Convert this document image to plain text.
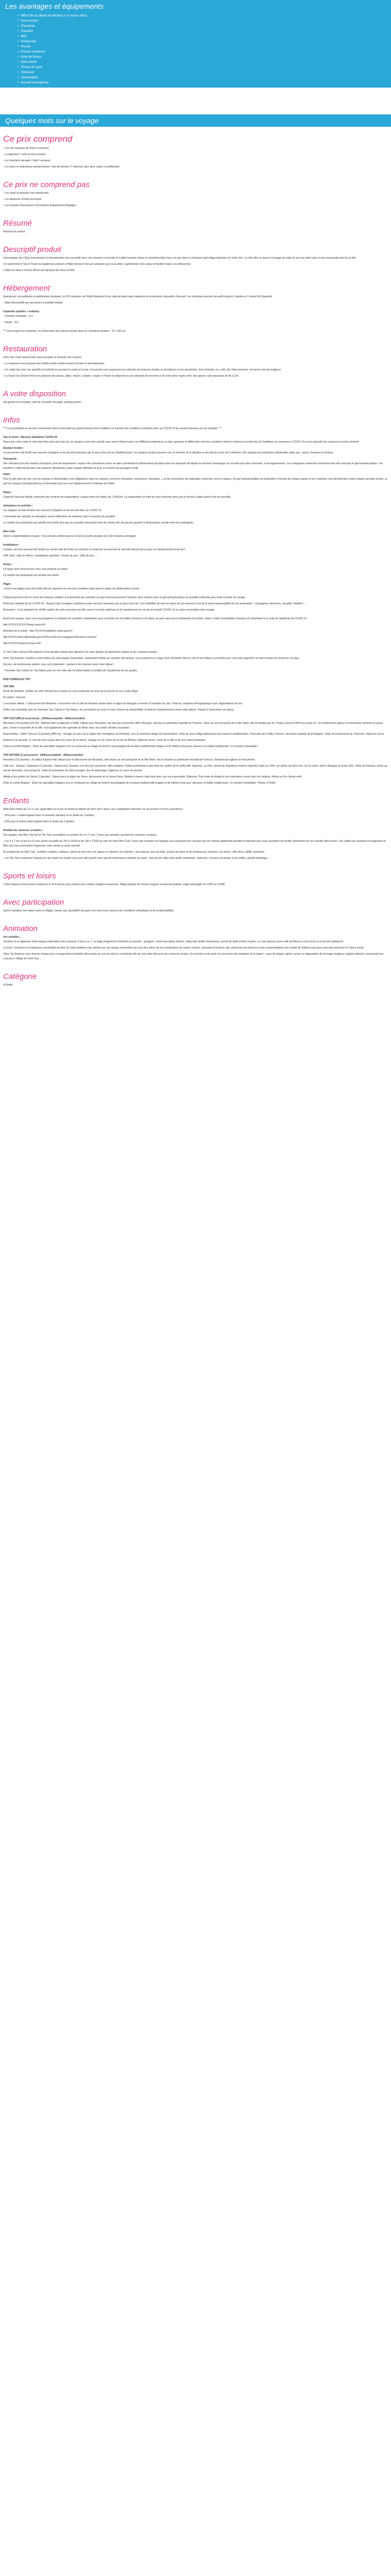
Les avantages et équipements
• Wifi & Wi au départ de Béziers (+ 6 autres villes)
• Tout compris
• Chambres
• Transfert
• WiFi
• Restaurant
• Piscine
• Piscine extérieure
• Salle de fitness
• Club enfant
• Terrain de sport
• Télévision
• Climatisation
• Accueil francophone
Quelques mots sur le voyage
Ce prix comprend

- Les vols spéciaux de Paris et province,

- Le logement 7 nuits en tout compris,

- Les transferts aéroport / hôtel / aéroport,

- Les taxes et redevances aéroportuaires, frais de dossier (7 Saisons), taxe deux sujets à modification.

Ce prix ne comprend pas

- Les repas et boissons non mentionnés

- Les dépenses d'ordre personnel

- Les formules Assurances & Assistance Rapatriement Bagages

Résumé

Résumé du produit

Descriptif produit

Votre équipe Top Clubs francophone et internationale vous accueille dans une structure conviviale et à taille humaine située en deuxième ligne face à la mer dans le charmant petit village balnéaire de Sveti Vlas. Le club offre un accès à la plage de sable fin par une petit route et une promenade bord de la Mer.

Un rayonnement Top of Travel est également présent à l'hôtel plusieurs fois par semaine pour vous aider à agrémenter votre séjour et faciliter toutes vos démarches.

L'hôtel est situé à environ 98 km de l'aéroport de Varna (1h30).

Hébergement

Spacieuses, accueillantes et entièrement équipées, les 90 chambres de l'hôtel disposent d'une salle de bains avec baignoire et de plusieurs dispositifs d'accueil. Les chambres peuvent accueillir jusqu'à 2 adultes et 1 enfant (lit d'appoint).

- Hôtel déconseillé aux personnes à mobilité réduite.

Capacités (adultes + enfants):

- Chambre Standard : 2+1

- Studio : 2+2

*** Dans toutes les chambres, les dimensions des balcons plants dans les chambres doubles : 75 x 180 cm.

Restauration

Votre Top Clubs Sineva Park vous accueille en formule Tout compris.

- Le restaurant vous propose des buffets variés mêlant saveurs locales et internationales.

- Un Lobby bar avec ses apéritifs et cocktails en journée et soirée et un bar à la piscine vous proposent une sélection de boissons locales et alcoolisées et non alcoolisées. Eau minérale, jus, café, thé, bière pression, vin local et alcools bulgares.

- Le Snack bar Sineva Park vous propose des pizzas, pâtes, snacks, salades, soupes à l'heure du déjeuner et une sélection de desserts et de fruits dans l'après-midi. Des glaces sont proposées de 9h à 21h.

A votre disposition

wifi gratuit à la réception, prêt de serviettes de plage, parking gratuit.

Infos

*** Les prestations et services mentionnés dans le descriptif du produit peuvent être modifiées en fonction des conditions sanitaires liées au COVID-19 qui seront imposées par les autorités ***

Top of travel - Mesures Sanitaires COVID-19

Parce que votre santé et votre bien-être ainsi que celui de vos équipes sont notre priorité nous avons élaboré avec nos différents partenaires un plan rigoureux et différentes mesures sanitaires visant à renforcer la protection de l'épidémie de coronavirus COVID-19 et vous garantir des vacances en toute sérénité.

Equipes locales :

Le personnel a été formé aux mesures d'hygiène et de sécurité imposées par le pays d'accueil ou l'établissement. Les équipes locales peuvent voir, en fonction de la situation et des tâches qu'ils ont à effectuer, être équipés de protections individuelles telles que : gants, masques et visières.

Transports :

Dès l'aéroport port (du masque chirurgical, prise de température, respect des procédures mises en place permettant la distanciation physique dans les aéroports de départ et d'arrivée (marquages au sol ainsi que dans l'enceinte, à l'enregistrement). Les compagnies aériennes fournissent des kits masques et gel hydroalcoolique. Les transferts s'effectueront dans des autocars désinfectés avant chaque utilisation et avec un nombre de passagers limité.

Hôtel :

Pour le bien-être de tous, port du masque et distanciation sont obligatoires dans les espaces communs (réception, ascenseurs, boutiques...) et des procédures de nettoyage renforcées sont en vigueur. Du gel hydroalcoolique est disponible à l'entrée de chaque espace et les chambres sont désinfectées avant chaque nouvelle arrivée. Le port du masque (chirurgical/tissu) est demandé pour tous nos déplacements à l'intérieur de l'hôtel.

Repas :

Capacité d'accueil réduite, extension des horaires de restaurations, espace entre les tables de 1,50m/2m. La restauration en plein air sera favorisée ainsi que le service à table quand cela est possible.

Animations et activités :

Les équipes ont été formées aux mesures d'hygiène et de sécurité liées au COVID-19.

L'ensemble des activités et animations seront effectuées en extérieur, dans la mesure du possible.

Le nombre de participants par activité sera limité ainsi que les activités nécessitant trop de contact afin de pouvoir garantir la distanciation sociale entre les participants.

Mini-Club :

Selon la réglementation du pays / l'accueil des enfants pourra se faire en petits groupes et à des horaires aménagés.

Installations :

Certains services peuvent être limités ou fermés afin de limiter les contacts et respecter le protocole de sécurité imposé par le pays ou l'établissement d'accueil :

SPA, Gym, salle de fitness, Installations sportives, Terrain de jeux, Salle de jeux, ...

Visites :

Un large choix d'excursions vous sera proposé sur place.

Le nombre de participants par activité sera limité.

Plage :

L'accès aux plages peut être limité afin de respecter les mesures sanitaires ainsi que les règles de distanciation sociale.

Chaque personne doit se munir de masques adaptés à la demande des autorités du pays d'accueil pouvant l'imposer dans certains lieux et gel hydroalcoolique en quantité suffisante pour toute la durée du voyage.

Protocole sanitaire lié au COVID-19 : Respect des consignes sanitaires et des mesures imposées par le pays d'accueil. Les modalités de mise en place de ces mesures sont de la seule responsabilité de nos partenaires : compagnies aériennes, réceptifs, hôteliers ...

Assurance : il est important de vérifier auprès de votre assurance qu'elle couvre vos frais médicaux et de rapatriement en cas de test positif COVID-19 sur place et pendant votre voyage.

Avant tout voyage, nous vous encourageons à contacter les autorités compétentes pour connaître les formalités d'entrée et de séjour du pays ainsi que la destination de transit, celles-ci étant susceptibles d'évoluer dû notamment à la suite de l'épidémie de COVID-19 :

http://XXXXXXXXXXXwww.sante.fr/fr

Ministère de la Santé : http://XXXXXsolidarites-sante.gouv.fr/

http://XXXXXwww.diplomatie.gouv.fr/fr/conseils-aux-voyageurs/dernieres-minutes/

http://XXXXXreopen.europa.eu/fr

Le Top Clubs Sineva Park dispose d'une situation idéale pour découvrir les sites réputés du patrimoine bulgare et les coutumes locales.

Votre Top Explorer, membre à part entière de votre équipe d'animation, entièrement dédié aux activités découverte, vous proposera un large choix d'activités dans le club et les bolides à proximité pour vous faire apprécier au mieux toutes les richesses du pays.

De plus, de nombreuses options vous sont proposées : pensez à les réserver avant votre départ :

- Formules Top Culture ou Top Nature pour ne rien rater des incontournables et profiter de l'expérience de nos guides.

NOS FORMULES TOP :

TOP ZEN

Envie de farniente, profitez de votre formule tout compris en vous prélassant au bord de la piscine ou sur la jolie plage.

En option, réservez :

1 excursion offerte. « Découverte de Nessebar » Excursion vers la ville de Nesebur située dans la région de Bourgas à environ 10 minutes du club. Visite du complexe ethnographique avec dégustations de vins.

(Offre non cumulable avec les formules Top Culture et Top Nature, les promotions en cours et sous réserve de disponibilité. A réserver impérativement avant votre départ. Payant si réservation sur place).

TOP CULTURE (3 excursions) : 100€euros/adulte - 50€euros/enfant

Nessebar (1/2 journée) (20 km) : Matinée libre et déjeuner à l'hôtel. Départ pour Nessebar, une des plus anciennes villes d'Europe, classée au patrimoine mondial de l'Unesco. Situé sur une presqu'île de la Mer Noire, elle fut fondée par les Thraces environ 3000 ans avant JC. De nombreuses églises et monuments retracent le passé grec, romain et byzantin de la ville. Il est également très agréable de flâner dans ses ruelles étroites escarpées.

Koprivchtitsa - Veliko Tarnovo (1 journée) (280 km) : Voyage au cœur de la région des montagnes du Rhodope, vers le charmant village de Koprivchtitsa. Visite du vieux village pittoresque aux maisons traditionnelles. Poursuite vers Veliko Tarnovo, l'ancienne capitale de la Bulgarie. Visite de la forteresse de Tsarevets. Déjeuner inclus.

Giopolis & la sécurité : le coin de terre le plus élevé au cœur de la nature. Voyage sur les ruines de la cité de Plovdiv, Déjeuner inclus. Visite de la ville et de son centre historique.

Citée et société Bulgare : Dîner de spécialités bulgares pris en restaurant au village de Erkech accompagné de musique traditionnelle bulgare et de folklore local avec danseurs et habits traditionnels. Un moment inoubliable !

TOP NATURE (3 excursions) : 100€euros/adulte - 50€euros/enfant

Nessebar (1/2 journée) : En début d'après-midi, départ pour la découverte de Nessebar, ville située sur une presqu'île de la Mer Noire, élu et classée au patrimoine mondial de l'Unesco. Nombreuses églises et monuments.

Côte sud - Sozopol - Ropotamo (1 journée) : Départ pour Sozopol, une des plus anciennes villes bulgares. Petite promenade à pied dans les ruelles de la vieille ville. Déjeuner. Le Parc naturel de Ropotamo réserve naturelle créée en 1940, qui abrite une flore rare. Sur le retour, arrêt à Bourgas et temps libre. Visite de Pomorie, située au sud de Nessebar, une presqu'île. Visite du monastère de Saint Georges, lieu de pèlerinage. Déjeuner en cours de journée.

Aladja et les grottes de Varna (1 journée) : Départ pour la région de Varna, découverte de la Varna-Ouest. Balade à travers cette forêt avec une vue imprenable. Déjeuner. Puis visite de Aladja et son monastère creusé dans les falaises. Retour en fin d'après-midi.

Dîner et soirée Bulgare : Dîner de spécialités bulgares pris en restaurant au village de Erkech accompagné de musique traditionnelle bulgare et de folklore local avec danseurs et habits traditionnels. Un moment inoubliable ! Retour à l'hôtel.

Enfants

Réduction enfant de 2 à 11 ans, applicable sur le prix du forfait au départ de Paris (hors taxes, hors supplément réduction vol de province et hors promotions) :

- 35% pour 1 enfant logeant dans la chambre standard ou le studio de 2 adultes,

- 20% pour le 2ème enfant logeant dans le studio de 2 adultes.

Pendant les vacances scolaires :

Nos équipes Top Mini, Top Kid et Top Teen accueillent vos enfants de 4 à 17 ans, 6 jours par semaine, pendant les vacances scolaires.

- Les 4 à 7 ans et les 8 à 12 ans seront accueillis de 10h à 12h30 et de 14h à 17h30 au sein de notre Mini Club, 2 jours par semaine nos équipes vous proposent de s'occuper de vos enfants également pendant le déjeuner pour vous permettre de profiter pleinement de vos activités découverte. Une veillée par semaine est organisée en Mini club vous permettant d'apprécier votre soirée en toute sérénité.

Au programme au Mini Club : activités créatives, ludiques, danse et mini cours de langue en intérieur. En extérieur : jeux piscine, jeux de balle, chasse au trésor et de nombreuses surprises. En soirée : Mini disco, défilé, spectacle...

- Les Top Teen proposent chaque jour des points de rendez-vous pour des grands ainsi que de nombreuses activités au choix : tournois de volley-ball, quilles frisbeedes, webcasts, concours de photos et de selfies, activité ripolinage...

Sports et loisirs

L'hôtel dispose d'une piscine extérieure et d'un bassin pour enfants avec chaises longues et parasols. Plage équipée de chaises longues et parasols gratuits. plage aménagée du 15/06 au 15/09).

Avec participation

Sports nautiques (en saison dans le village), sauna, spa, possibilité de payer à la carte (sous réserve des conditions climatiques et de la disponibilité).

Animation

Vos activités...

S'animer et se dépenser Votre équipe d'animation vous propose, 6 jours sur 7, un large programme d'activités en journée : aquagym, réveil musculaire, fitness, volley-ball, quilles finlandaises, tennis de table et bien d'autres. Le club dispose d'une salle de fitness et d'un accès à un terrain multisports.

Le lundi, Chanteurs et chanteuses rassemblés de fleur de Sofia mettent le feu animés par une équipe d'animation qui vous fera vibrer de rire d'animations de soirées variées, dansants et festives, des spectacles de danseurs et des représentations des chants de folklore local pour vous faire découvrir la culture locale.

Votre Top Explorer vous réserve chaque jour un programme d'activités découverte au sein du club ou à proximité afin de vous faire découvrir les coutumes locales, les environs et de partir à la rencontre des habitants de la région : cours de langue, atelier cuisine ou dégustation de fromages bulgares, balade pédestre, promenade aux cinq par le village de Sveti Vlas...

Catégorie

4 Étoiles
